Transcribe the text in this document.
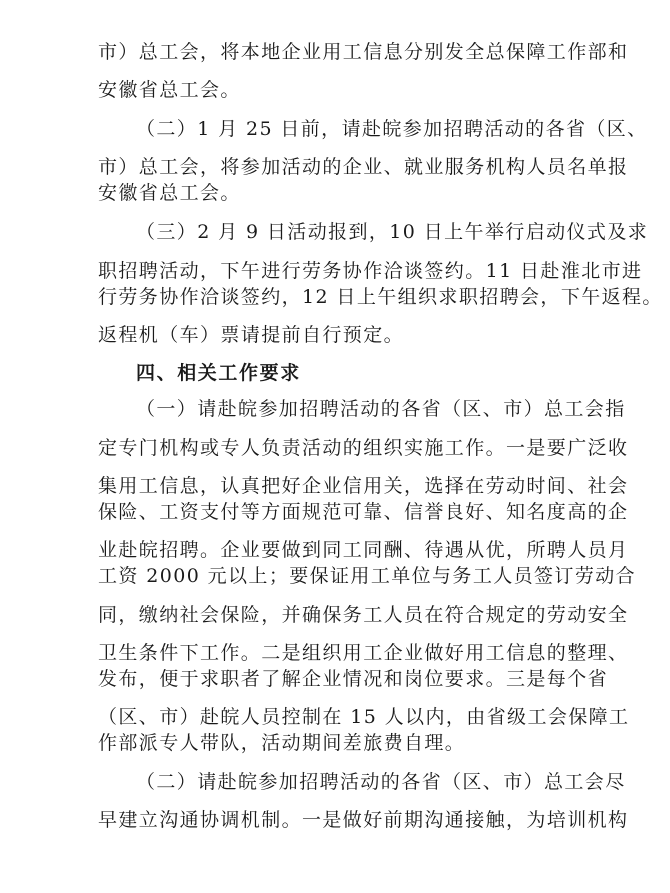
市）总工会，将本地企业用工信息分别发全总保障工作部和
安徽省总工会。
（二）1 月 25 日前，请赴皖参加招聘活动的各省（区、
市）总工会，将参加活动的企业、就业服务机构人员名单报
安徽省总工会。
（三）2 月 9 日活动报到，10 日上午举行启动仪式及求
职招聘活动，下午进行劳务协作洽谈签约。11 日赴淮北市进
行劳务协作洽谈签约，12 日上午组织求职招聘会，下午返程。
返程机（车）票请提前自行预定。
四、相关工作要求
（一）请赴皖参加招聘活动的各省（区、市）总工会指
定专门机构或专人负责活动的组织实施工作。一是要广泛收
集用工信息，认真把好企业信用关，选择在劳动时间、社会
保险、工资支付等方面规范可靠、信誉良好、知名度高的企
业赴皖招聘。企业要做到同工同酬、待遇从优，所聘人员月
工资 2000 元以上；要保证用工单位与务工人员签订劳动合
同，缴纳社会保险，并确保务工人员在符合规定的劳动安全
卫生条件下工作。二是组织用工企业做好用工信息的整理、
发布，便于求职者了解企业情况和岗位要求。三是每个省
（区、市）赴皖人员控制在 15 人以内，由省级工会保障工
作部派专人带队，活动期间差旅费自理。
（二）请赴皖参加招聘活动的各省（区、市）总工会尽
早建立沟通协调机制。一是做好前期沟通接触，为培训机构
